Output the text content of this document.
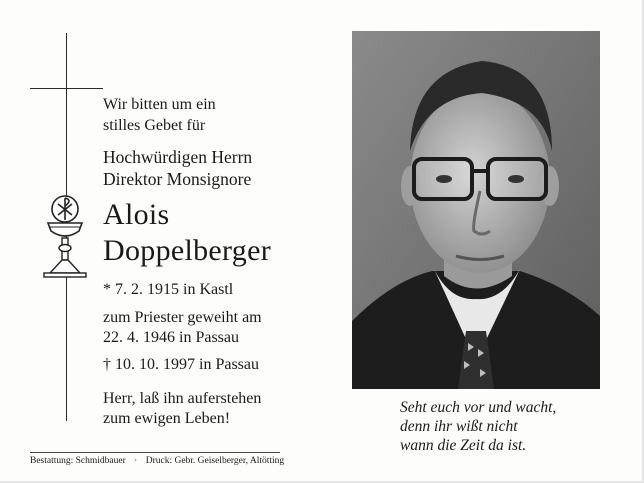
Wir bitten um ein
stilles Gebet für
Hochwürdigen Herrn
Direktor Monsignore
Alois
Doppelberger
* 7. 2. 1915 in Kastl
zum Priester geweiht am
22. 4. 1946 in Passau
† 10. 10. 1997 in Passau
Herr, laß ihn auferstehen
zum ewigen Leben!
Seht euch vor und wacht,
denn ihr wißt nicht
wann die Zeit da ist.
Bestattung: Schmidbauer · Druck: Gebr. Geiselberger, Altötting
